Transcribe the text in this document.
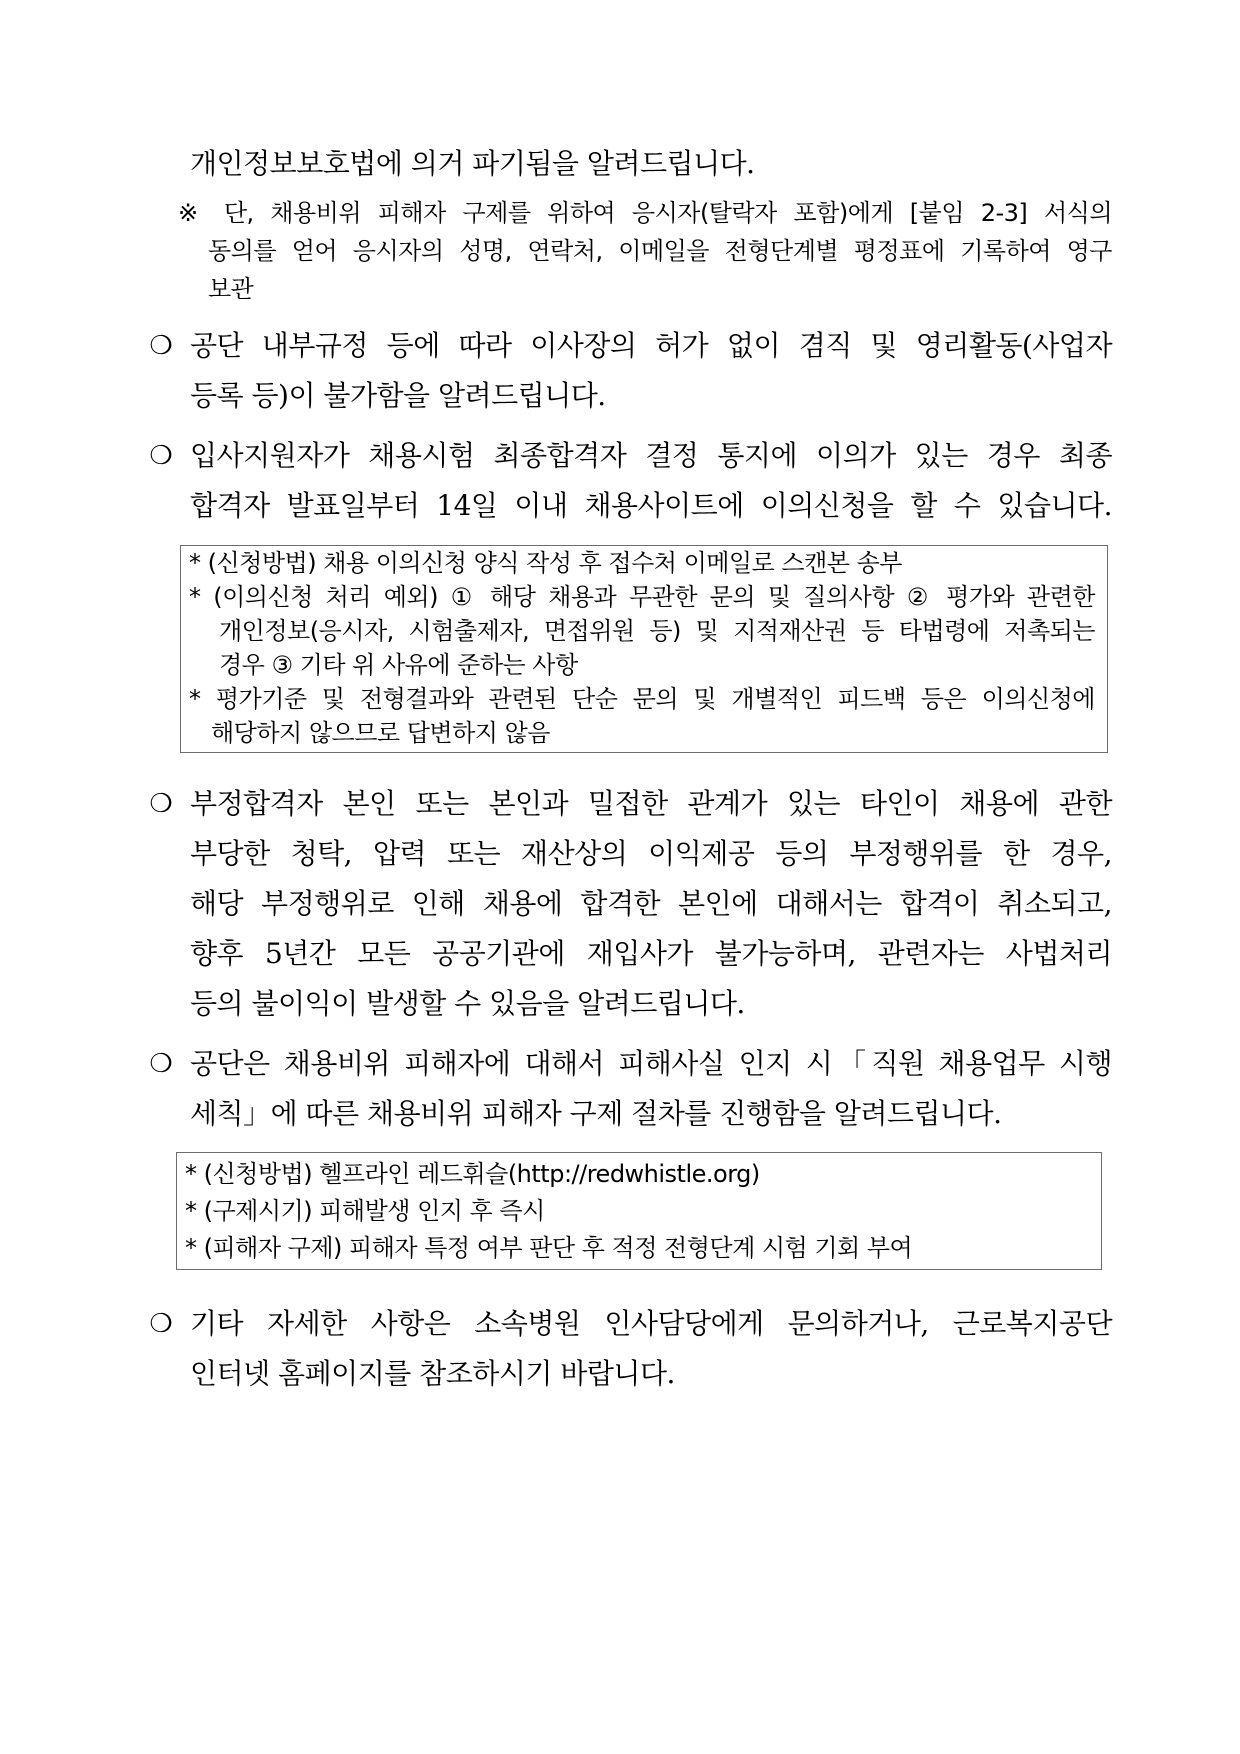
개인정보보호법에 의거 파기됨을 알려드립니다.
※ 단, 채용비위 피해자 구제를 위하여 응시자(탈락자 포함)에게 [붙임 2-3] 서식의
동의를 얻어 응시자의 성명, 연락처, 이메일을 전형단계별 평정표에 기록하여 영구
보관
❍ 공단 내부규정 등에 따라 이사장의 허가 없이 겸직 및 영리활동(사업자
등록 등)이 불가함을 알려드립니다.
❍ 입사지원자가 채용시험 최종합격자 결정 통지에 이의가 있는 경우 최종
합격자 발표일부터 14일 이내 채용사이트에 이의신청을 할 수 있습니다.
* (신청방법) 채용 이의신청 양식 작성 후 접수처 이메일로 스캔본 송부
* (이의신청 처리 예외) ① 해당 채용과 무관한 문의 및 질의사항 ② 평가와 관련한
개인정보(응시자, 시험출제자, 면접위원 등) 및 지적재산권 등 타법령에 저촉되는
경우 ③ 기타 위 사유에 준하는 사항
* 평가기준 및 전형결과와 관련된 단순 문의 및 개별적인 피드백 등은 이의신청에
해당하지 않으므로 답변하지 않음
❍ 부정합격자 본인 또는 본인과 밀접한 관계가 있는 타인이 채용에 관한
부당한 청탁, 압력 또는 재산상의 이익제공 등의 부정행위를 한 경우,
해당 부정행위로 인해 채용에 합격한 본인에 대해서는 합격이 취소되고,
향후 5년간 모든 공공기관에 재입사가 불가능하며, 관련자는 사법처리
등의 불이익이 발생할 수 있음을 알려드립니다.
❍ 공단은 채용비위 피해자에 대해서 피해사실 인지 시「직원 채용업무 시행
세칙」에 따른 채용비위 피해자 구제 절차를 진행함을 알려드립니다.
* (신청방법) 헬프라인 레드휘슬(http://redwhistle.org)
* (구제시기) 피해발생 인지 후 즉시
* (피해자 구제) 피해자 특정 여부 판단 후 적정 전형단계 시험 기회 부여
❍ 기타 자세한 사항은 소속병원 인사담당에게 문의하거나, 근로복지공단
인터넷 홈페이지를 참조하시기 바랍니다.
